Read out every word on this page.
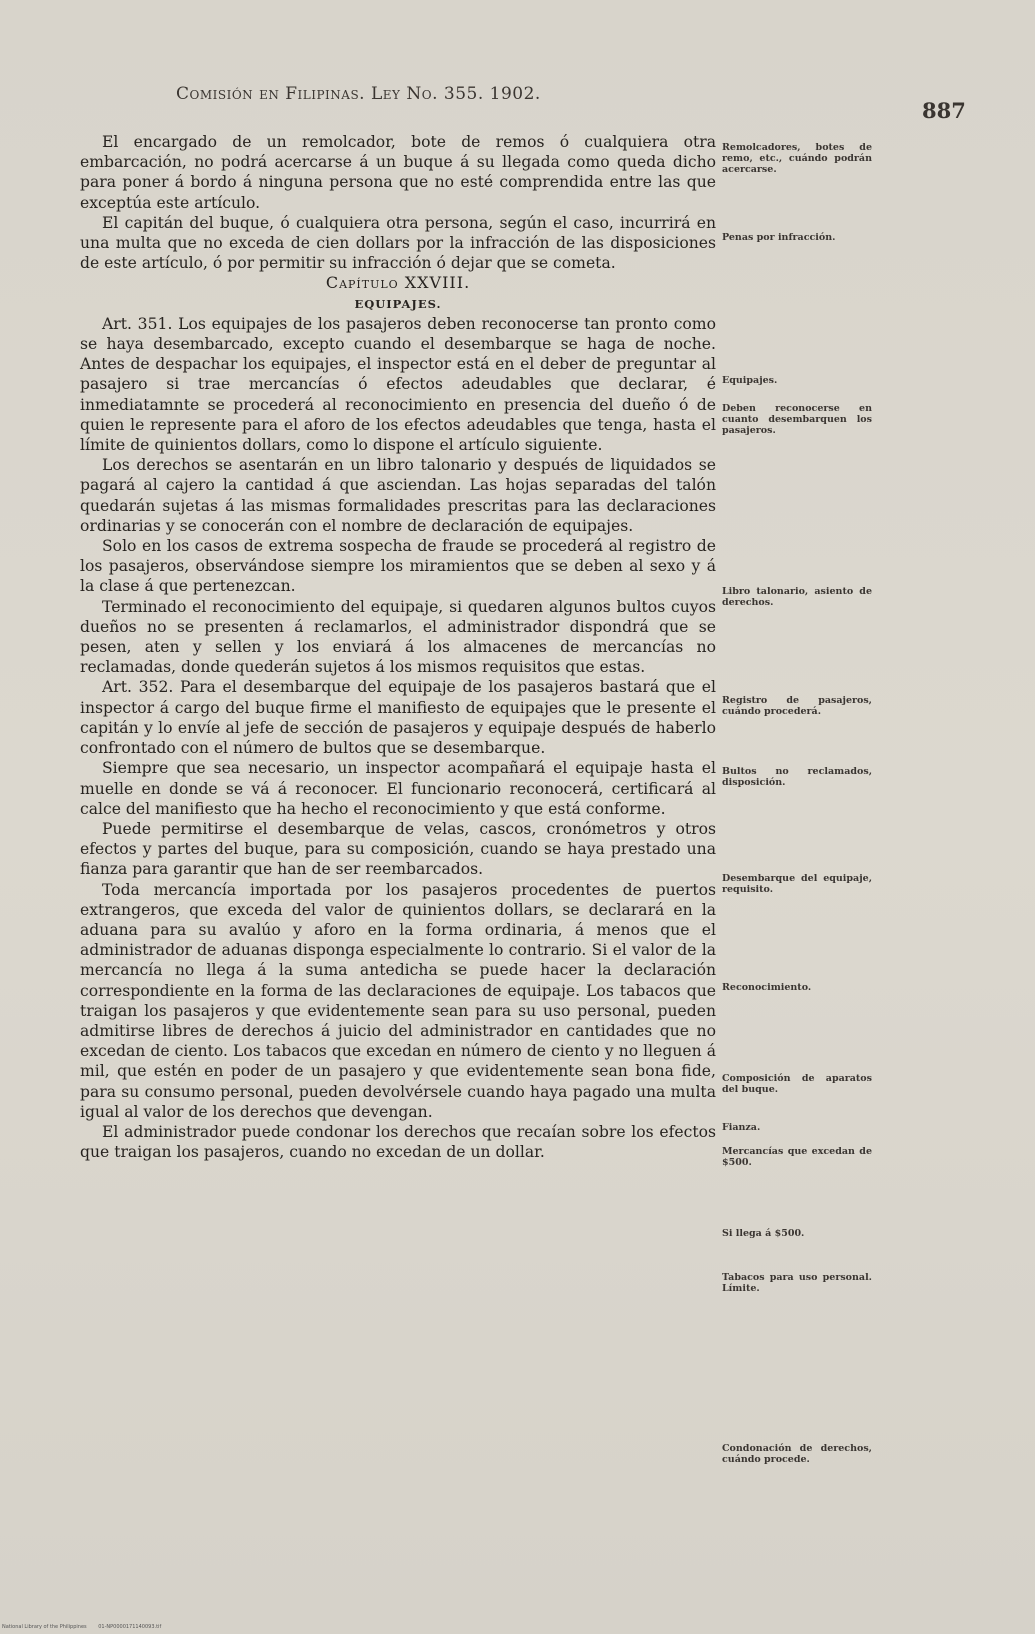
Comisión en Filipinas. Ley No. 355. 1902.
887

El encargado de un remolcador, bote de remos ó cualquiera otra embarcación, no podrá acercarse á un buque á su llegada como queda dicho para poner á bordo á ninguna persona que no esté comprendida entre las que exceptúa este artículo.

El capitán del buque, ó cualquiera otra persona, según el caso, incurrirá en una multa que no exceda de cien dollars por la infracción de las disposiciones de este artículo, ó por permitir su infracción ó dejar que se cometa.

Capítulo XXVIII.

EQUIPAJES.

Art. 351. Los equipajes de los pasajeros deben reconocerse tan pronto como se haya desembarcado, excepto cuando el desembarque se haga de noche. Antes de despachar los equipajes, el inspector está en el deber de preguntar al pasajero si trae mercancías ó efectos adeudables que declarar, é inmediatamnte se procederá al reconocimiento en presencia del dueño ó de quien le represente para el aforo de los efectos adeudables que tenga, hasta el límite de quinientos dollars, como lo dispone el artículo siguiente.

Los derechos se asentarán en un libro talonario y después de liquidados se pagará al cajero la cantidad á que asciendan. Las hojas separadas del talón quedarán sujetas á las mismas formalidades prescritas para las declaraciones ordinarias y se conocerán con el nombre de declaración de equipajes.

Solo en los casos de extrema sospecha de fraude se procederá al registro de los pasajeros, observándose siempre los miramientos que se deben al sexo y á la clase á que pertenezcan.

Terminado el reconocimiento del equipaje, si quedaren algunos bultos cuyos dueños no se presenten á reclamarlos, el administrador dispondrá que se pesen, aten y sellen y los enviará á los almacenes de mercancías no reclamadas, donde quederán sujetos á los mismos requisitos que estas.

Art. 352. Para el desembarque del equipaje de los pasajeros bastará que el inspector á cargo del buque firme el manifiesto de equipajes que le presente el capitán y lo envíe al jefe de sección de pasajeros y equipaje después de haberlo confrontado con el número de bultos que se desembarque.

Siempre que sea necesario, un inspector acompañará el equipaje hasta el muelle en donde se vá á reconocer. El funcionario reconocerá, certificará al calce del manifiesto que ha hecho el reconocimiento y que está conforme.

Puede permitirse el desembarque de velas, cascos, cronómetros y otros efectos y partes del buque, para su composición, cuando se haya prestado una fianza para garantir que han de ser reembarcados.

Toda mercancía importada por los pasajeros procedentes de puertos extrangeros, que exceda del valor de quinientos dollars, se declarará en la aduana para su avalúo y aforo en la forma ordinaria, á menos que el administrador de aduanas disponga especialmente lo contrario. Si el valor de la mercancía no llega á la suma antedicha se puede hacer la declaración correspondiente en la forma de las declaraciones de equipaje. Los tabacos que traigan los pasajeros y que evidentemente sean para su uso personal, pueden admitirse libres de derechos á juicio del administrador en cantidades que no excedan de ciento. Los tabacos que excedan en número de ciento y no lleguen á mil, que estén en poder de un pasajero y que evidentemente sean bona fide, para su consumo personal, pueden devolvérsele cuando haya pagado una multa igual al valor de los derechos que devengan.

El administrador puede condonar los derechos que recaían sobre los efectos que traigan los pasajeros, cuando no excedan de un dollar.

Remolcadores, botes de remo, etc., cuándo podrán acercarse.
Penas por infracción.
Equipajes.
Deben reconocerse en cuanto desembarquen los pasajeros.
Libro talonario, asiento de derechos.
Registro de pasajeros, cuándo procederá.
Bultos no reclamados, disposición.
Desembarque del equipaje, requisito.
Reconocimiento.
Composición de aparatos del buque.
Fianza.
Mercancías que excedan de $500.
Si llega á $500.
Tabacos para uso personal. Límite.
Condonación de derechos, cuándo procede.
National Library of the Philippines 01-NP0000171140093.tif
